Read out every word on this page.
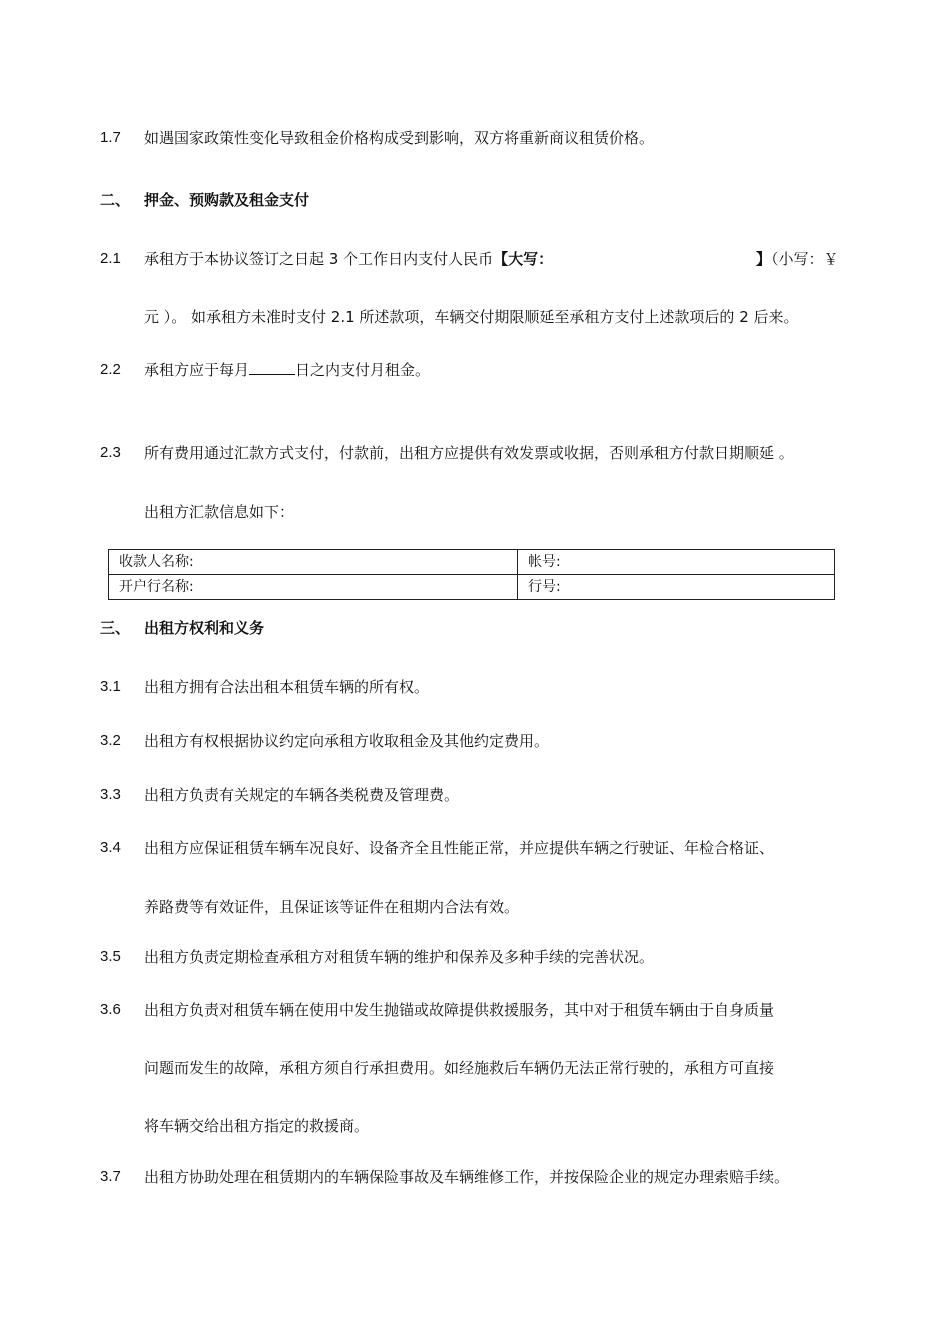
1.7 如遇国家政策性变化导致租金价格构成受到影响，双方将重新商议租赁价格。
二、 押金、预购款及租金支付
2.1 承租方于本协议签订之日起 3 个工作日内支付人民币【大写：	】（小写：￥
元 ）。 如承租方未准时支付 2.1 所述款项，车辆交付期限顺延至承租方支付上述款项后的 2 后来。
2.2 承租方应于每月	日之内支付月租金。
2.3 所有费用通过汇款方式支付，付款前，出租方应提供有效发票或收据，否则承租方付款日期顺延 。
出租方汇款信息如下：
收款人名称:	帐号:
开户行名称:	行号:
三、 出租方权利和义务
3.1 出租方拥有合法出租本租赁车辆的所有权。
3.2 出租方有权根据协议约定向承租方收取租金及其他约定费用。
3.3 出租方负责有关规定的车辆各类税费及管理费。
3.4 出租方应保证租赁车辆车况良好、设备齐全且性能正常，并应提供车辆之行驶证、年检合格证、
养路费等有效证件，且保证该等证件在租期内合法有效。
3.5 出租方负责定期检查承租方对租赁车辆的维护和保养及多种手续的完善状况。
3.6 出租方负责对租赁车辆在使用中发生抛锚或故障提供救援服务，其中对于租赁车辆由于自身质量
问题而发生的故障，承租方须自行承担费用。如经施救后车辆仍无法正常行驶的，承租方可直接
将车辆交给出租方指定的救援商。
3.7 出租方协助处理在租赁期内的车辆保险事故及车辆维修工作，并按保险企业的规定办理索赔手续。
